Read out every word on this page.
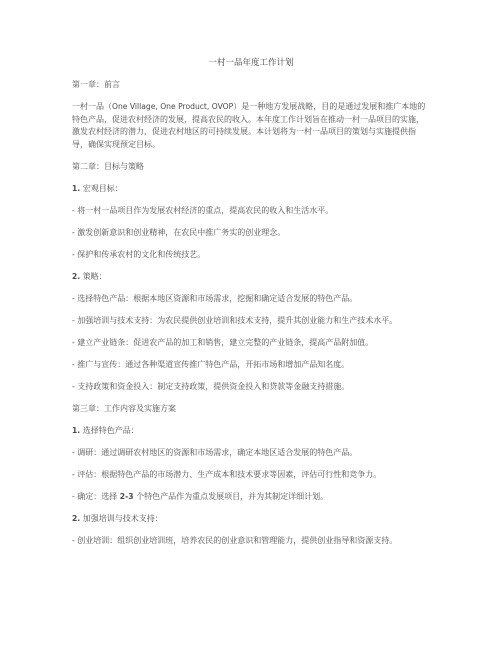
一村一品年度工作计划

第一章：前言

一村一品（One Village, One Product, OVOP）是一种地方发展战略，目的是通过发展和推广本地的特色产品，促进农村经济的发展，提高农民的收入。本年度工作计划旨在推动一村一品项目的实施，激发农村经济的潜力，促进农村地区的可持续发展。本计划将为一村一品项目的策划与实施提供指导，确保实现预定目标。

第二章：目标与策略

1. 宏观目标：

- 将一村一品项目作为发展农村经济的重点，提高农民的收入和生活水平。

- 激发创新意识和创业精神，在农民中推广务实的创业理念。

- 保护和传承农村的文化和传统技艺。

2. 策略：

- 选择特色产品：根据本地区资源和市场需求，挖掘和确定适合发展的特色产品。

- 加强培训与技术支持：为农民提供创业培训和技术支持，提升其创业能力和生产技术水平。

- 建立产业链条：促进农产品的加工和销售，建立完整的产业链条，提高产品附加值。

- 推广与宣传：通过各种渠道宣传推广特色产品，开拓市场和增加产品知名度。

- 支持政策和资金投入：制定支持政策，提供资金投入和贷款等金融支持措施。

第三章：工作内容及实施方案

1. 选择特色产品：

- 调研：通过调研农村地区的资源和市场需求，确定本地区适合发展的特色产品。

- 评估：根据特色产品的市场潜力、生产成本和技术要求等因素，评估可行性和竞争力。

- 确定：选择 2-3 个特色产品作为重点发展项目，并为其制定详细计划。

2. 加强培训与技术支持：

- 创业培训：组织创业培训班，培养农民的创业意识和管理能力，提供创业指导和资源支持。
